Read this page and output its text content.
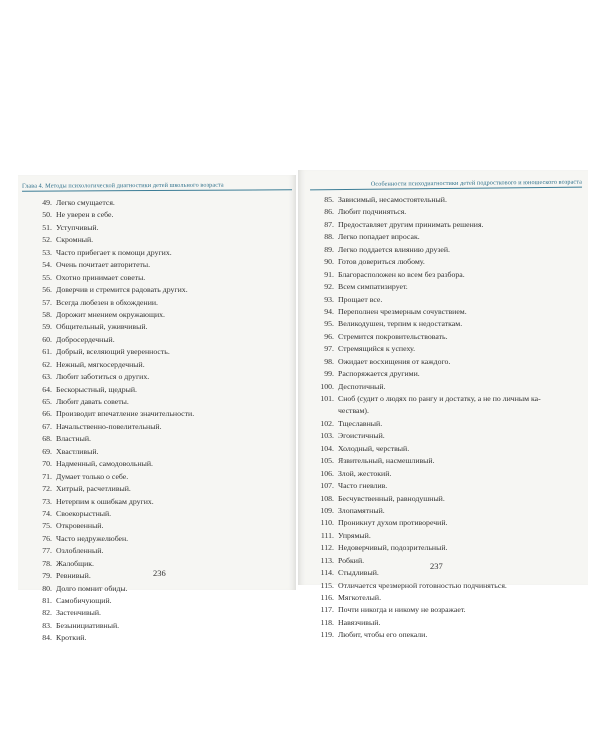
Глава 4. Методы психологической диагностики детей школьного возраста
49. Легко смущается.
50. Не уверен в себе.
51. Уступчивый.
52. Скромный.
53. Часто прибегает к помощи других.
54. Очень почитает авторитеты.
55. Охотно принимает советы.
56. Доверчив и стремится радовать других.
57. Всегда любезен в обхождении.
58. Дорожит мнением окружающих.
59. Общительный, уживчивый.
60. Добросердечный.
61. Добрый, вселяющий уверенность.
62. Нежный, мягкосердечный.
63. Любит заботиться о других.
64. Бескорыстный, щедрый.
65. Любит давать советы.
66. Производит впечатление значительности.
67. Начальственно-повелительный.
68. Властный.
69. Хвастливый.
70. Надменный, самодовольный.
71. Думает только о себе.
72. Хитрый, расчетливый.
73. Нетерпим к ошибкам других.
74. Своекорыстный.
75. Откровенный.
76. Часто недружелюбен.
77. Озлобленный.
78. Жалобщик.
79. Ревнивый.
80. Долго помнит обиды.
81. Самобичующий.
82. Застенчивый.
83. Безынициативный.
84. Кроткий.
236
Особенности психодиагностики детей подросткового и юношеского возраста
85. Зависимый, несамостоятельный.
86. Любит подчиняться.
87. Предоставляет другим принимать решения.
88. Легко попадает впросак.
89. Легко поддается влиянию друзей.
90. Готов довериться любому.
91. Благорасположен ко всем без разбора.
92. Всем симпатизирует.
93. Прощает все.
94. Переполнен чрезмерным сочувствием.
95. Великодушен, терпим к недостаткам.
96. Стремится покровительствовать.
97. Стремящийся к успеху.
98. Ожидает восхищения от каждого.
99. Распоряжается другими.
100. Деспотичный.
101. Сноб (судит о людях по рангу и достатку, а не по личным ка-
чествам).
102. Тщеславный.
103. Эгоистичный.
104. Холодный, черствый.
105. Язвительный, насмешливый.
106. Злой, жестокий.
107. Часто гневлив.
108. Бесчувственный, равнодушный.
109. Злопамятный.
110. Проникнут духом противоречий.
111. Упрямый.
112. Недоверчивый, подозрительный.
113. Робкий.
114. Стыдливый.
115. Отличается чрезмерной готовностью подчиняться.
116. Мягкотелый.
117. Почти никогда и никому не возражает.
118. Навязчивый.
119. Любит, чтобы его опекали.
237
